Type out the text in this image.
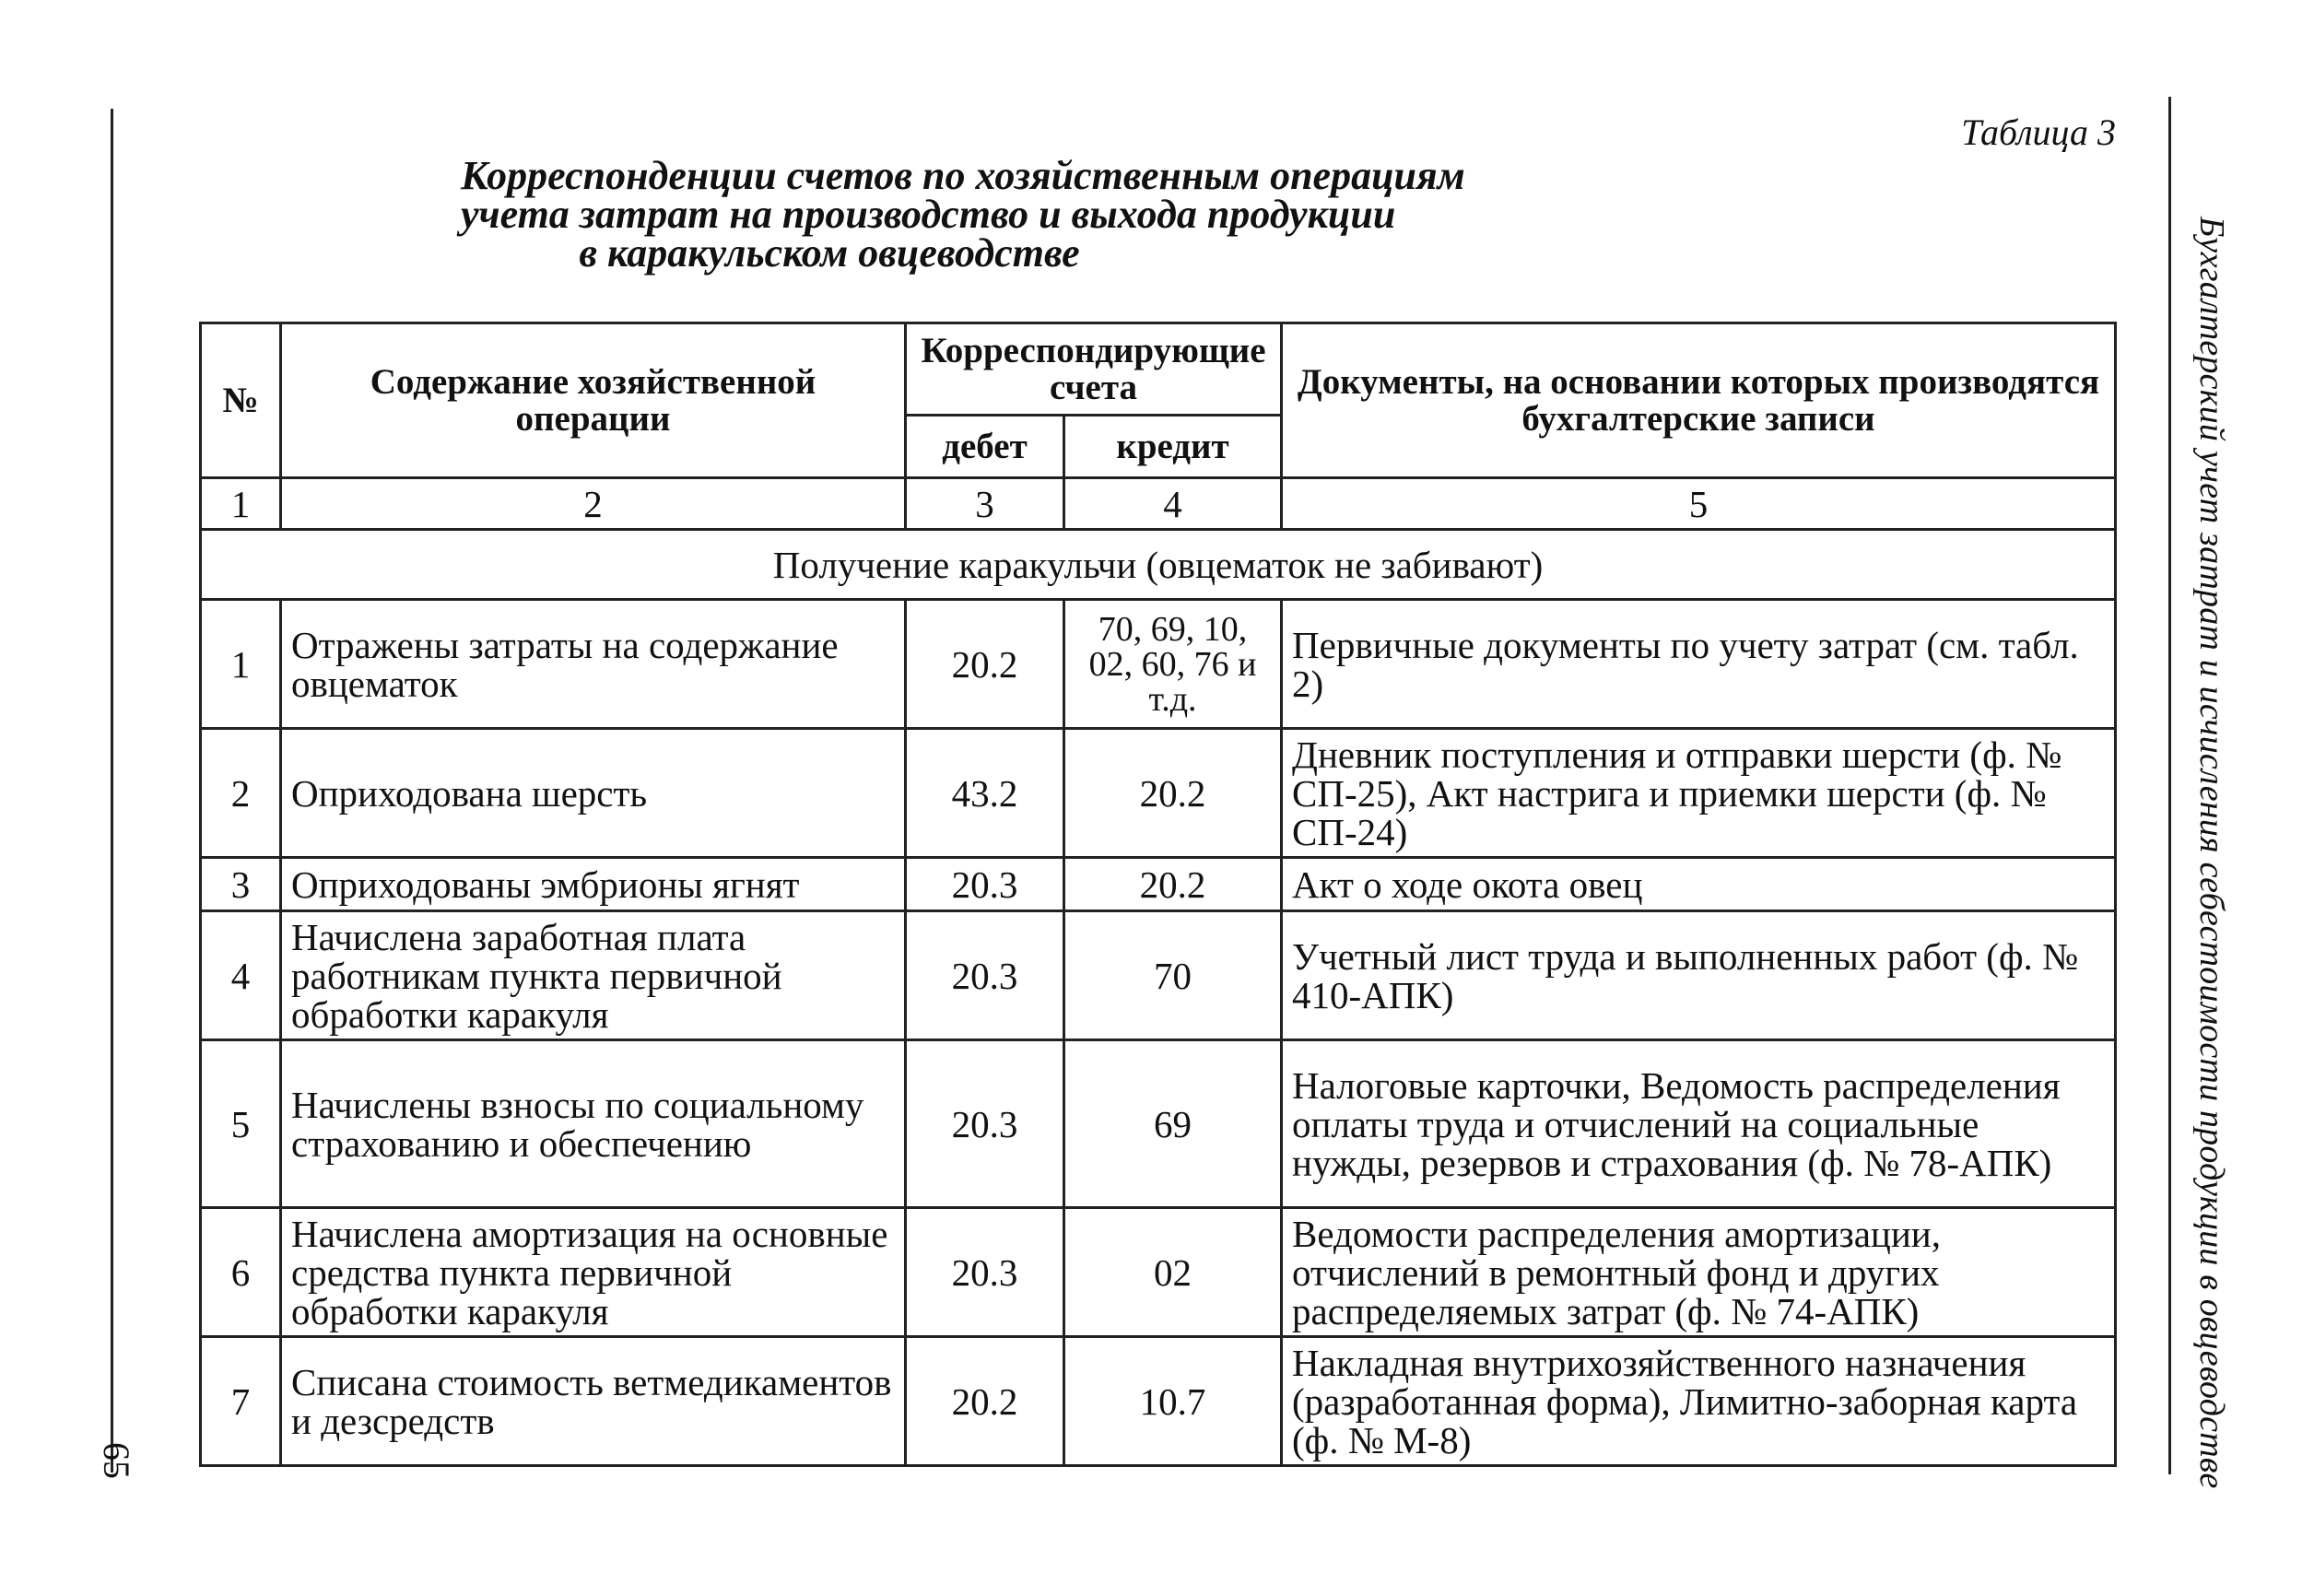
65	Бухгалтерский учет затрат и исчисления себестоимости продукции в овцеводстве
Таблица 3
Корреспонденции счетов по хозяйственным операциям
учета затрат на производство и выхода продукции
в каракульском овцеводстве
№	Содержание хозяйственной операции	Корреспондирующие счета		Документы, на основании которых производятся бухгалтерские записи
		дебет	кредит	
1	2	3	4	5
Получение каракульчи (овцематок не забивают)				
1	Отражены затраты на содержание овцематок	20.2	70, 69, 10, 02, 60, 76 и т.д.	Первичные документы по учету затрат (см. табл. 2)
2	Оприходована шерсть	43.2	20.2	Дневник поступления и отправки шерсти (ф. № СП-25), Акт настрига и приемки шерсти (ф. № СП-24)
3	Оприходованы эмбрионы ягнят	20.3	20.2	Акт о ходе окота овец
4	Начислена заработная плата работникам пункта первичной обработки каракуля	20.3	70	Учетный лист труда и выполненных работ (ф. № 410-АПК)
5	Начислены взносы по социальному страхованию и обеспечению	20.3	69	Налоговые карточки, Ведомость распределения оплаты труда и отчислений на социальные нужды, резервов и страхования (ф. № 78-АПК)
6	Начислена амортизация на основные средства пункта первичной обработки каракуля	20.3	02	Ведомости распределения амортизации, отчислений в ремонтный фонд и других распределяемых затрат (ф. № 74-АПК)
7	Списана стоимость ветмедикаментов и дезсредств	20.2	10.7	Накладная внутрихозяйственного назначения (разработанная форма), Лимитно-заборная карта (ф. № М-8)
